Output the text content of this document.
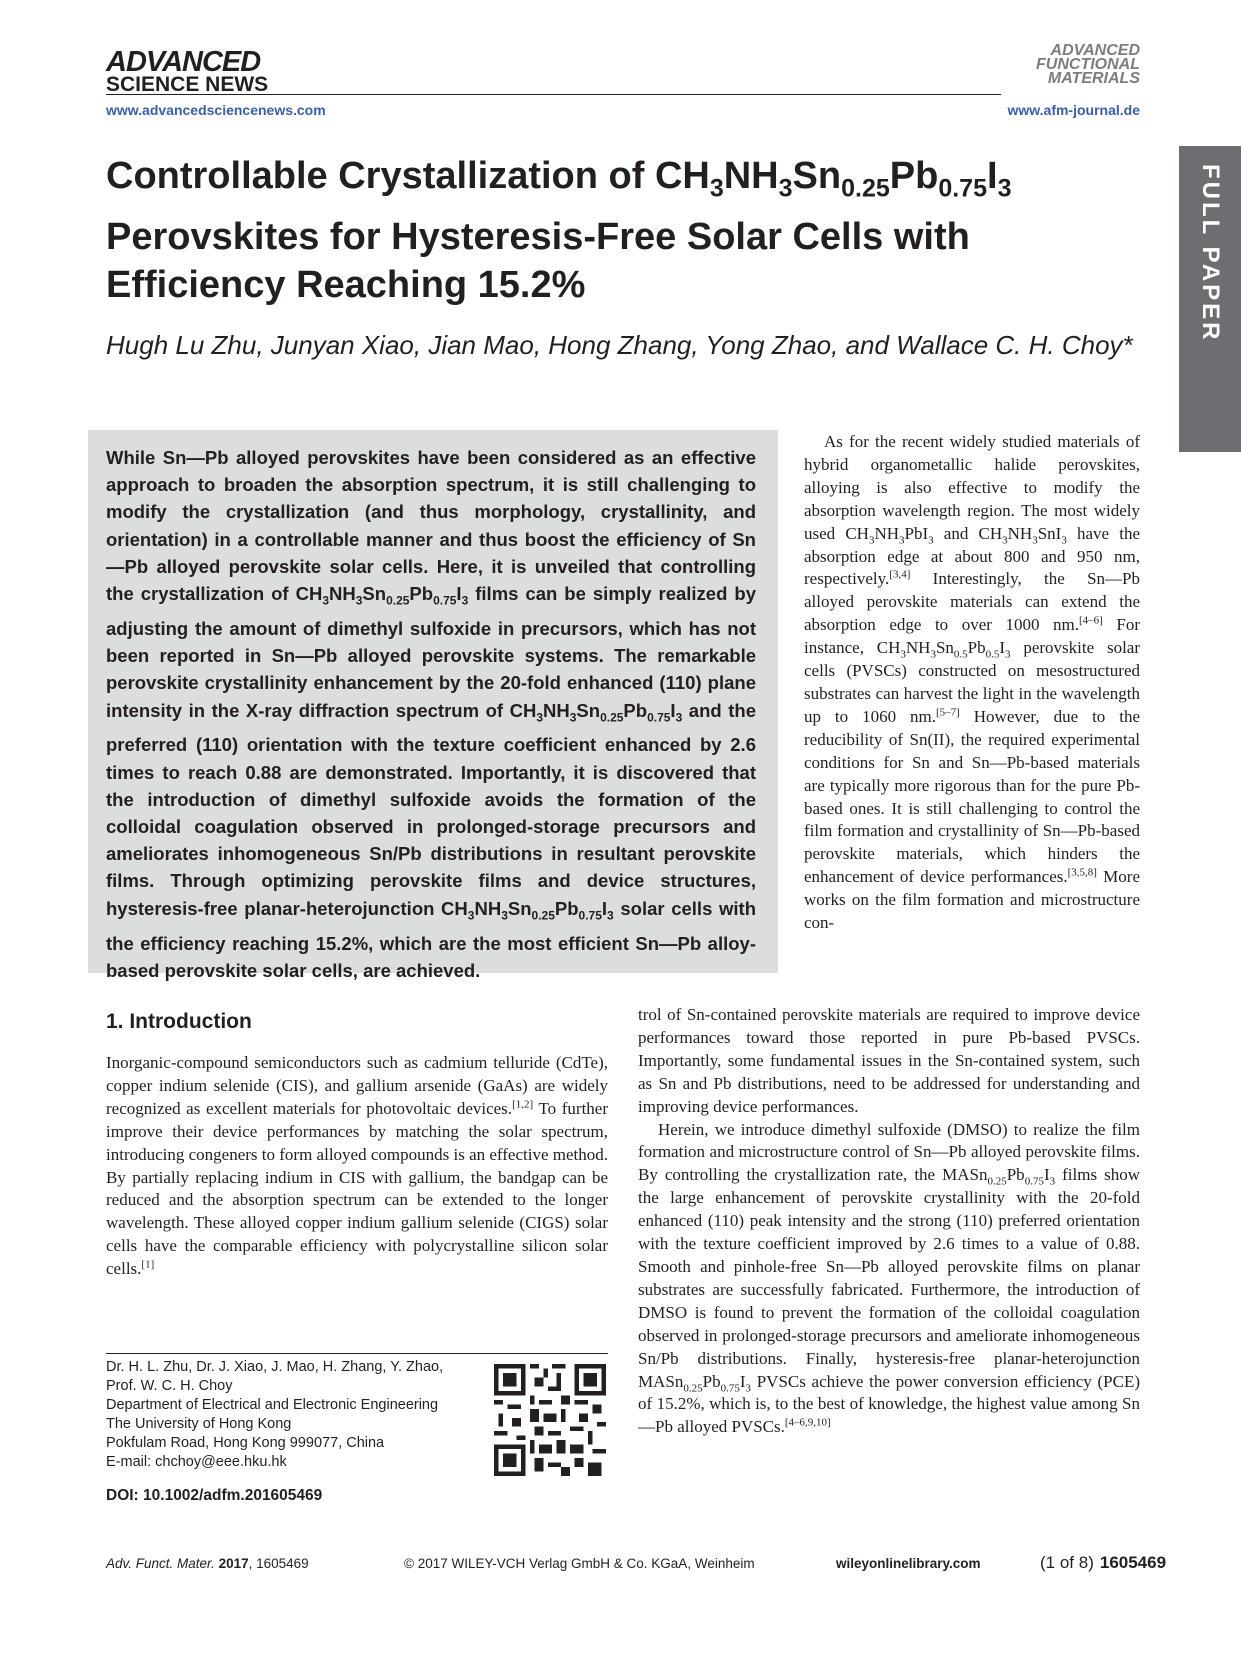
ADVANCED
SCIENCE NEWS
www.advancedsciencenews.com
ADVANCED
FUNCTIONAL
MATERIALS
www.afm-journal.de
FULL PAPER
Controllable Crystallization of $CH_3NH_3Sn_{0.25}Pb_{0.75}I_3$
Perovskites for Hysteresis-Free Solar Cells with
Efficiency Reaching 15.2%
Hugh Lu Zhu, Junyan Xiao, Jian Mao, Hong Zhang, Yong Zhao, and Wallace C. H. Choy*
While Sn—Pb alloyed perovskites have been considered as an effective approach to broaden the absorption spectrum, it is still challenging to modify the crystallization (and thus morphology, crystallinity, and orientation) in a controllable manner and thus boost the efficiency of Sn—Pb alloyed perovskite solar cells. Here, it is unveiled that controlling the crystallization of $CH_3NH_3Sn_{0.25}Pb_{0.75}I_3$ films can be simply realized by adjusting the amount of dimethyl sulfoxide in precursors, which has not been reported in Sn—Pb alloyed perovskite systems. The remarkable perovskite crystallinity enhancement by the 20-fold enhanced (110) plane intensity in the X-ray diffraction spectrum of $CH_3NH_3Sn_{0.25}Pb_{0.75}I_3$ and the preferred (110) orientation with the texture coefficient enhanced by 2.6 times to reach 0.88 are demonstrated. Importantly, it is discovered that the introduction of dimethyl sulfoxide avoids the formation of the colloidal coagulation observed in prolonged-storage precursors and ameliorates inhomogeneous Sn/Pb distributions in resultant perovskite films. Through optimizing perovskite films and device structures, hysteresis-free planar-heterojunction $CH_3NH_3Sn_{0.25}Pb_{0.75}I_3$ solar cells with the efficiency reaching 15.2%, which are the most efficient Sn—Pb alloy-based perovskite solar cells, are achieved.
As for the recent widely studied materials of hybrid organometallic halide perovskites, alloying is also effective to modify the absorption wavelength region. The most widely used $CH_3NH_3PbI_3$ and $CH_3NH_3SnI_3$ have the absorption edge at about 800 and 950 nm, respectively.[3,4] Interestingly, the Sn—Pb alloyed perovskite materials can extend the absorption edge to over 1000 nm.[4–6] For instance, $CH_3NH_3Sn_{0.5}Pb_{0.5}I_3$ perovskite solar cells (PVSCs) constructed on mesostructured substrates can harvest the light in the wavelength up to 1060 nm.[5–7] However, due to the reducibility of Sn(II), the required experimental conditions for Sn and Sn—Pb-based materials are typically more rigorous than for the pure Pb-based ones. It is still challenging to control the film formation and crystallinity of Sn—Pb-based perovskite materials, which hinders the enhancement of device performances.[3,5,8] More works on the film formation and microstructure con-

trol of Sn-contained perovskite materials are required to improve device performances toward those reported in pure Pb-based PVSCs. Importantly, some fundamental issues in the Sn-contained system, such as Sn and Pb distributions, need to be addressed for understanding and improving device performances.

Herein, we introduce dimethyl sulfoxide (DMSO) to realize the film formation and microstructure control of Sn—Pb alloyed perovskite films. By controlling the crystallization rate, the $MASn_{0.25}Pb_{0.75}I_3$ films show the large enhancement of perovskite crystallinity with the 20-fold enhanced (110) peak intensity and the strong (110) preferred orientation with the texture coefficient improved by 2.6 times to a value of 0.88. Smooth and pinhole-free Sn—Pb alloyed perovskite films on planar substrates are successfully fabricated. Furthermore, the introduction of DMSO is found to prevent the formation of the colloidal coagulation observed in prolonged-storage precursors and ameliorate inhomogeneous Sn/Pb distributions. Finally, hysteresis-free planar-heterojunction $MASn_{0.25}Pb_{0.75}I_3$ PVSCs achieve the power conversion efficiency (PCE) of 15.2%, which is, to the best of knowledge, the highest value among Sn—Pb alloyed PVSCs.[4–6,9,10]

1. Introduction
Inorganic-compound semiconductors such as cadmium telluride (CdTe), copper indium selenide (CIS), and gallium arsenide (GaAs) are widely recognized as excellent materials for photovoltaic devices.[1,2] To further improve their device performances by matching the solar spectrum, introducing congeners to form alloyed compounds is an effective method. By partially replacing indium in CIS with gallium, the bandgap can be reduced and the absorption spectrum can be extended to the longer wavelength. These alloyed copper indium gallium selenide (CIGS) solar cells have the comparable efficiency with polycrystalline silicon solar cells.[1]
Dr. H. L. Zhu, Dr. J. Xiao, J. Mao, H. Zhang, Y. Zhao,
Prof. W. C. H. Choy
Department of Electrical and Electronic Engineering
The University of Hong Kong
Pokfulam Road, Hong Kong 999077, China
E-mail: chchoy@eee.hku.hk
DOI: 10.1002/adfm.201605469
Adv. Funct. Mater. 2017, 1605469	© 2017 WILEY-VCH Verlag GmbH & Co. KGaA, Weinheim	wileyonlinelibrary.com	(1 of 8) 1605469
